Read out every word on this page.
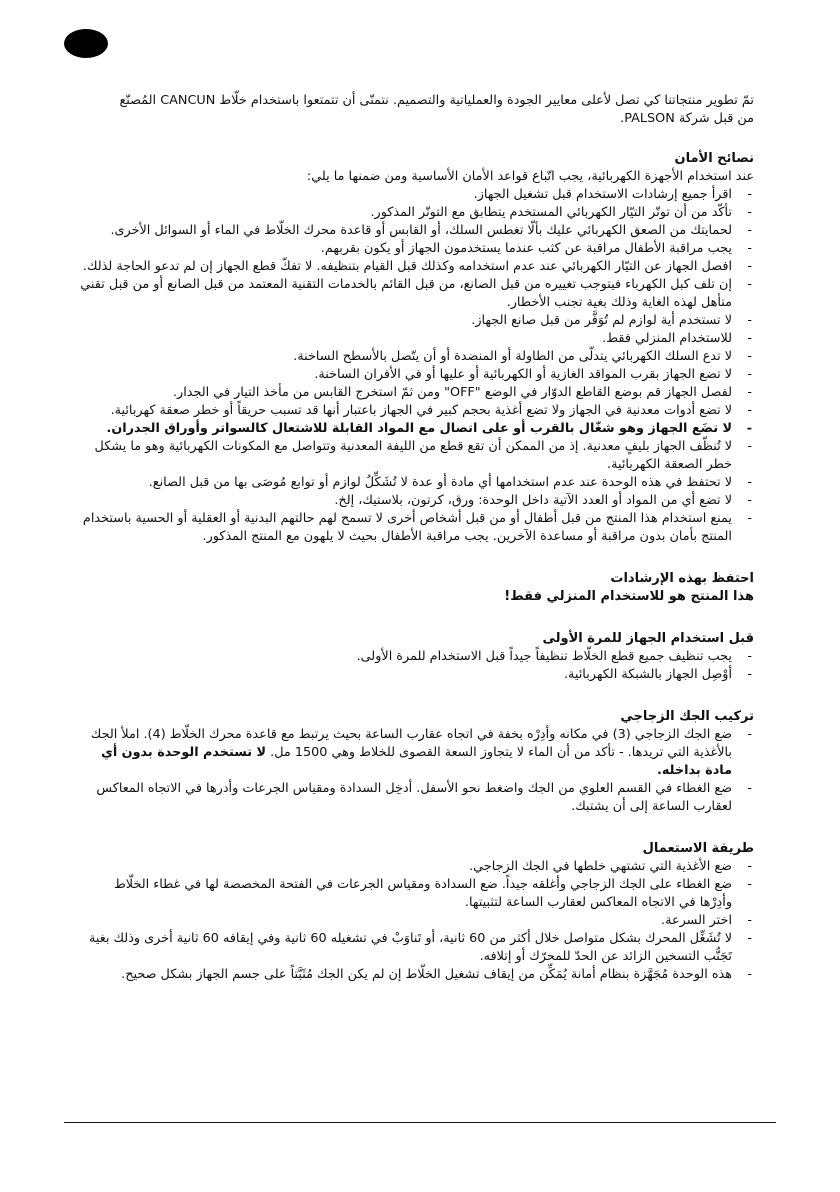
تمّ تطوير منتجاتنا كي تصل لأعلى معايير الجودة والعملياتية والتصميم. نتمنّى أن تتمتعوا باستخدام خلّاط CANCUN المُصنّع

من قبل شركة PALSON.

نصائح الأمان

عند استخدام الأجهزة الكهربائية، يجب اتّباع قواعد الأمان الأساسية ومن ضمنها ما يلي:

- اقرأ جميع إرشادات الاستخدام قبل تشغيل الجهاز.
- تأكّد من أن توتّر التيّار الكهربائي المستخدم يتطابق مع التوتّر المذكور.
- لحمايتك من الصعق الكهربائي عليك بألّا تغطس السلك، أو القابس أو قاعدة محرك الخلّاط في الماء أو السوائل الأخرى.
- يجب مراقبة الأطفال مراقبة عن كثب عندما يستخدمون الجهاز أو يكون بقربهم.
- افصل الجهاز عن التيّار الكهربائي عند عدم استخدامه وكذلك قبل القيام بتنظيفه. لا تفكّ قطع الجهاز إن لم تدعو الحاجة لذلك.
- إن تلف كبل الكهرباء فيتوجب تغييره من قبل الصانع، من قبل القائم بالخدمات التقنية المعتمد من قبل الصانع أو من قبل تقني متأهل لهذه الغاية وذلك بغية تجنب الأخطار.
- لا تستخدم أية لوازم لم تُوَفَّر من قبل صانع الجهاز.
- للاستخدام المنزلي فقط.
- لا تدع السلك الكهربائي يتدلّى من الطاولة أو المنضدة أو أن يتّصل بالأسطح الساخنة.
- لا تضع الجهاز بقرب المواقد الغازية أو الكهربائية أو عليها أو في الأفران الساخنة.
- لفصل الجهاز قم بوضع القاطع الدوّار في الوضع "OFF" ومن ثمّ استخرج القابس من مأخذ التيار في الجدار.
- لا تضع أدوات معدنية في الجهاز ولا تضع أغذية بحجم كبير في الجهاز باعتبار أنها قد تسبب حريقاً أو خطر صعقة كهربائية.
- لا تضَع الجهاز وهو شغّال بالقرب أو على اتصال مع المواد القابلة للاشتعال كالسواتر وأوراق الجدران.
- لا تُنظّف الجهاز بليفٍ معدنية. إذ من الممكن أن تقع قطع من الليفة المعدنية وتتواصل مع المكونات الكهربائية وهو ما يشكل خطر الصعقة الكهربائية.
- لا تحتفظ في هذه الوحدة عند عدم استخدامها أي مادة أو عدة لا تُشَكِّلُ لوازم أو توابع مُوصَى بها من قبل الصانع.
- لا تضع أي من المواد أو العدد الآتية داخل الوحدة: ورق، كرتون، بلاستيك، إلخ.
- يمنع استخدام هذا المنتج من قبل أطفال أو من قبل أشخاص أخرى لا تسمح لهم حالتهم البدنية أو العقلية أو الحسية باستخدام المنتج بأمان بدون مراقبة أو مساعدة الآخرين. يجب مراقبة الأطفال بحيث لا يلهون مع المنتج المذكور.

احتفظ بهذه الإرشادات

هذا المنتج هو للاستخدام المنزلي فقط!

قبل استخدام الجهاز للمرة الأولى

- يجب تنظيف جميع قطع الخلّاط تنظيفاً جيداً قبل الاستخدام للمرة الأولى.
- أوْصِل الجهاز بالشبكة الكهربائية.

تركيب الجك الزجاجي

- ضع الجك الزجاجي (3) في مكانه وأدِرْه بخفة في اتجاه عقارب الساعة بحيث يرتبط مع قاعدة محرك الخلّاط (4). املأ الجك بالأغذية التي تريدها. - تأكد من أن الماء لا يتجاوز السعة القصوى للخلاط وهي 1500 مل. لا تستخدم الوحدة بدون أي مادة بداخله.
- ضع الغطاء في القسم العلوي من الجك واضغط نحو الأسفل. أدخِل السدادة ومقياس الجرعات وأدرها في الاتجاه المعاكس لعقارب الساعة إلى أن يشتبك.

طريقة الاستعمال

- ضع الأغذية التي تشتهي خلطها في الجك الزجاجي.
- ضع الغطاء على الجك الزجاجي وأغلقه جيداً. ضع السدادة ومقياس الجرعات في الفتحة المخصصة لها في غطاء الخلّاط وأدِرْها في الاتجاه المعاكس لعقارب الساعة لتثبيتها.
- اختر السرعة.
- لا تُشَغِّل المحرك بشكل متواصل خلال أكثر من 60 ثانية، أو تَناوَبْ في تشغيله 60 ثانية وفي إيقافه 60 ثانية أخرى وذلك بغية تَجَنُّب التسخين الزائد عن الحدّ للمحرّك أو إتلافه.
- هذه الوحدة مُجَهَّزة بنظام أمانة يُمَكِّن من إيقاف تشغيل الخلّاط إن لم يكن الجك مُثَبَّتاً على جسم الجهاز بشكل صحيح.
